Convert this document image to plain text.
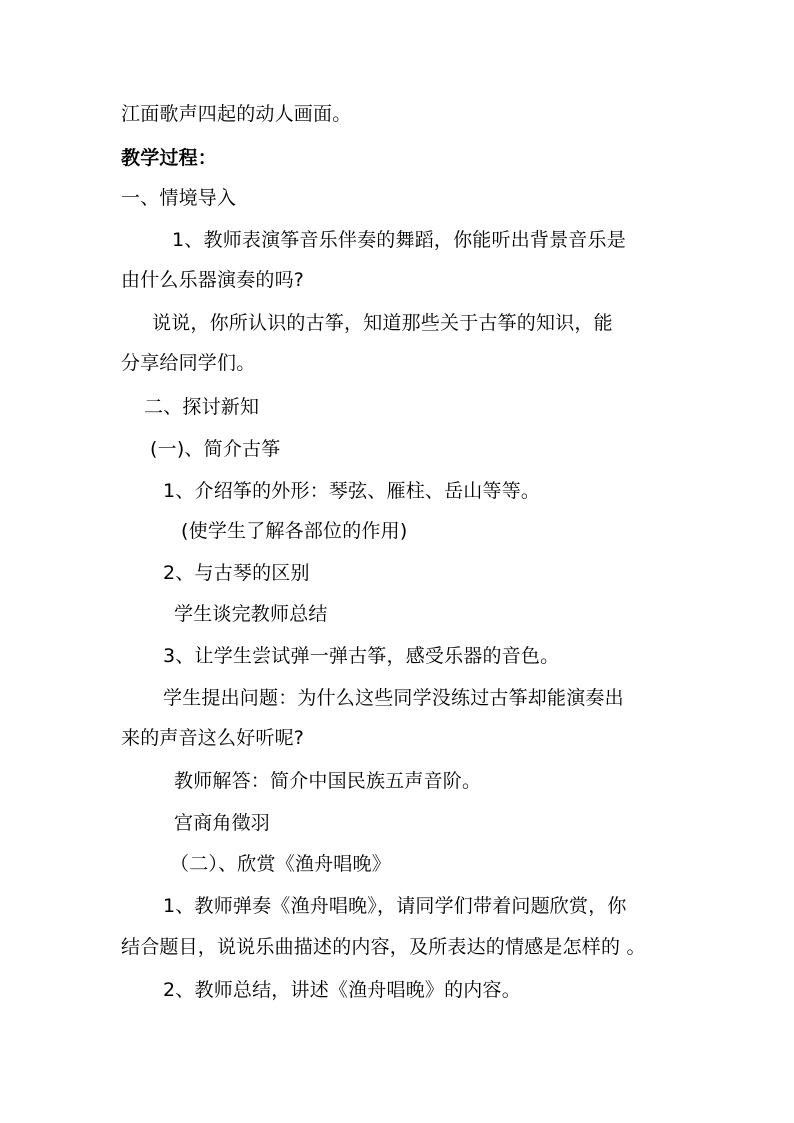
江面歌声四起的动人画面。
教学过程：
一、情境导入
1、教师表演筝音乐伴奏的舞蹈，你能听出背景音乐是
由什么乐器演奏的吗?
说说，你所认识的古筝，知道那些关于古筝的知识，能
分享给同学们。
二、探讨新知
(一)、简介古筝
1、介绍筝的外形：琴弦、雁柱、岳山等等。
(使学生了解各部位的作用)
2、与古琴的区别
学生谈完教师总结
3、让学生尝试弹一弹古筝，感受乐器的音色。
学生提出问题：为什么这些同学没练过古筝却能演奏出
来的声音这么好听呢?
教师解答：简介中国民族五声音阶。
宫商角徵羽
（二）、欣赏《渔舟唱晚》
1、教师弹奏《渔舟唱晚》，请同学们带着问题欣赏，你
结合题目，说说乐曲描述的内容，及所表达的情感是怎样的 。
2、教师总结，讲述《渔舟唱晚》的内容。
